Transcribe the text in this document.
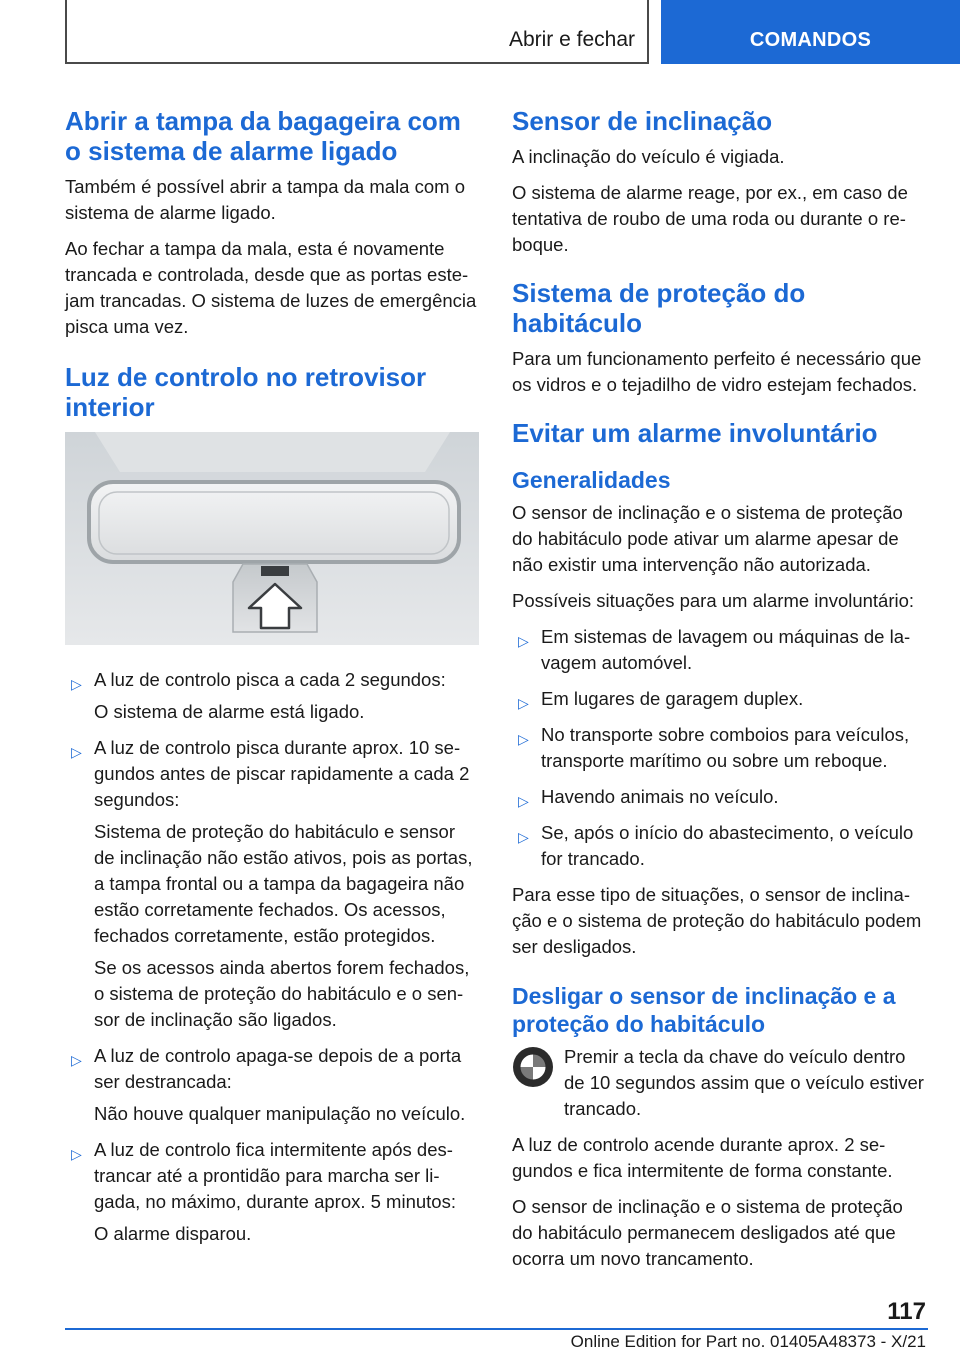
Abrir e fechar	COMANDOS
Abrir a tampa da bagageira com o sistema de alarme ligado

Também é possível abrir a tampa da mala com o sistema de alarme ligado.

Ao fechar a tampa da mala, esta é novamente trancada e controlada, desde que as portas estejam trancadas. O sistema de luzes de emergência pisca uma vez.

Luz de controlo no retrovisor interior
▷ A luz de controlo pisca a cada 2 segundos:

O sistema de alarme está ligado.

▷ A luz de controlo pisca durante aprox. 10 segundos antes de piscar rapidamente a cada 2 segundos:

Sistema de proteção do habitáculo e sensor de inclinação não estão ativos, pois as portas, a tampa frontal ou a tampa da bagageira não estão corretamente fechados. Os acessos, fechados corretamente, estão protegidos.

Se os acessos ainda abertos forem fechados, o sistema de proteção do habitáculo e o sensor de inclinação são ligados.

▷ A luz de controlo apaga-se depois de a porta ser destrancada:

Não houve qualquer manipulação no veículo.

▷ A luz de controlo fica intermitente após destrancar até a prontidão para marcha ser ligada, no máximo, durante aprox. 5 minutos:

O alarme disparou.

Sensor de inclinação

A inclinação do veículo é vigiada.

O sistema de alarme reage, por ex., em caso de tentativa de roubo de uma roda ou durante o reboque.

Sistema de proteção do habitáculo

Para um funcionamento perfeito é necessário que os vidros e o tejadilho de vidro estejam fechados.

Evitar um alarme involuntário
Generalidades

O sensor de inclinação e o sistema de proteção do habitáculo pode ativar um alarme apesar de não existir uma intervenção não autorizada.

Possíveis situações para um alarme involuntário:

▷ Em sistemas de lavagem ou máquinas de lavagem automóvel.
▷ Em lugares de garagem duplex.
▷ No transporte sobre comboios para veículos, transporte marítimo ou sobre um reboque.
▷ Havendo animais no veículo.
▷ Se, após o início do abastecimento, o veículo for trancado.

Para esse tipo de situações, o sensor de inclinação e o sistema de proteção do habitáculo podem ser desligados.

Desligar o sensor de inclinação e a proteção do habitáculo

Premir a tecla da chave do veículo dentro de 10 segundos assim que o veículo estiver trancado.

A luz de controlo acende durante aprox. 2 segundos e fica intermitente de forma constante.

O sensor de inclinação e o sistema de proteção do habitáculo permanecem desligados até que ocorra um novo trancamento.

117
Online Edition for Part no. 01405A48373 - X/21
